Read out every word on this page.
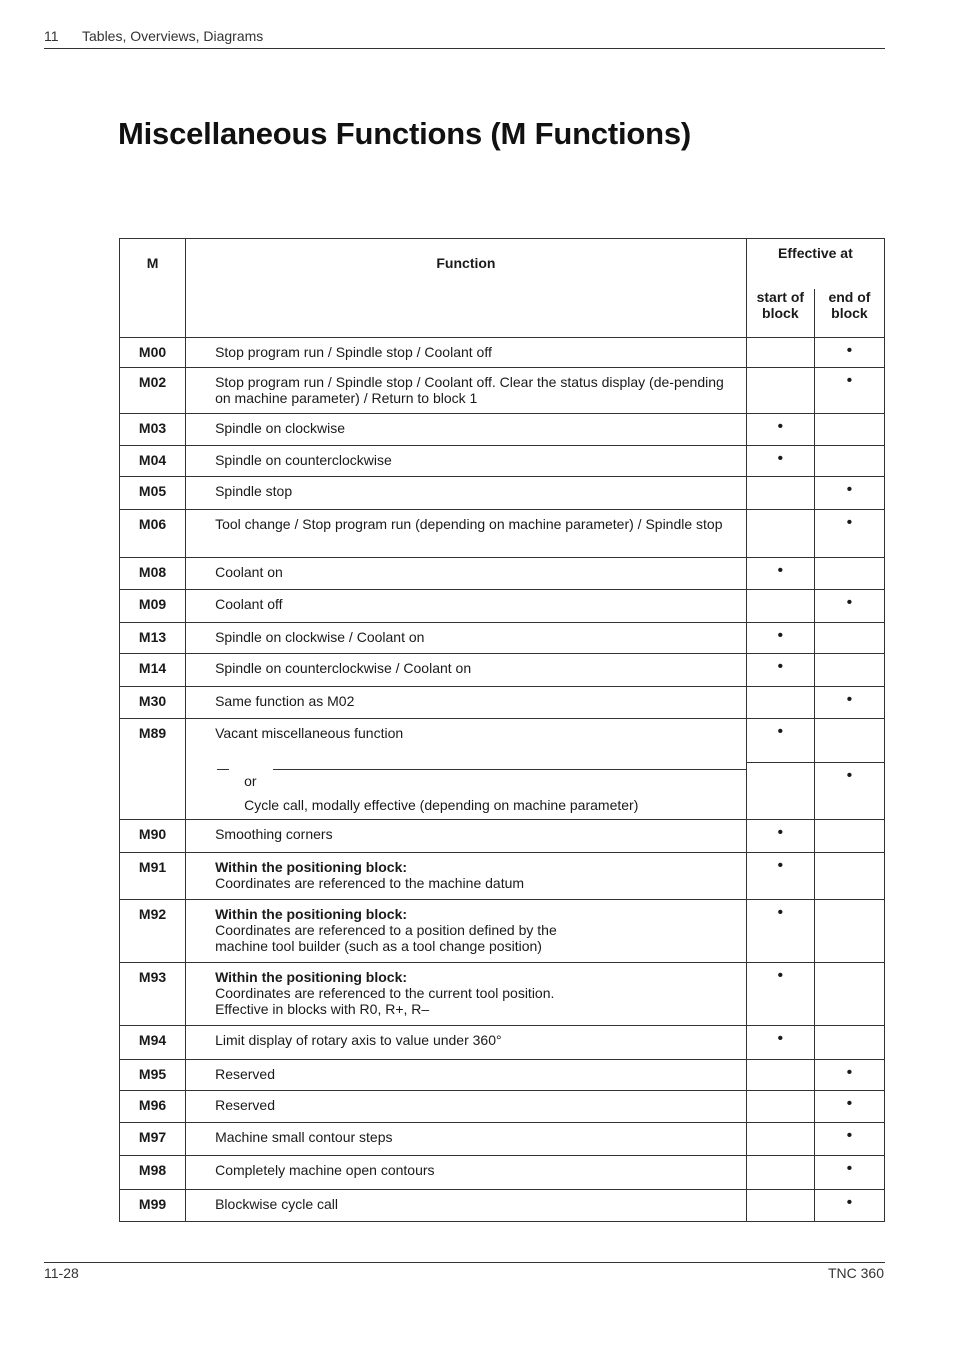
11	Tables, Overviews, Diagrams
Miscellaneous Functions (M Functions)
M	Function	Effective at	
		start of block	end of block
M00	Stop program run / Spindle stop / Coolant off		•
M02	Stop program run / Spindle stop / Coolant off. Clear the status display (de-pending on machine parameter) / Return to block 1		•
M03	Spindle on clockwise	•	
M04	Spindle on counterclockwise	•	
M05	Spindle stop		•
M06	Tool change / Stop program run (depending on machine parameter) / Spindle stop		•
M08	Coolant on	•	
M09	Coolant off		•
M13	Spindle on clockwise / Coolant on	•	
M14	Spindle on counterclockwise / Coolant on	•	
M30	Same function as M02		•
M89	Vacant miscellaneous function	•	

	or
Cycle call, modally effective (depending on machine parameter)		•
M90	Smoothing corners	•	
M91	Within the positioning block:
Coordinates are referenced to the machine datum	•	
M92	Within the positioning block:
Coordinates are referenced to a position defined by the
machine tool builder (such as a tool change position)	•	
M93	Within the positioning block:
Coordinates are referenced to the current tool position.
Effective in blocks with R0, R+, R–	•	
M94	Limit display of rotary axis to value under 360°	•	
M95	Reserved		•
M96	Reserved		•
M97	Machine small contour steps		•
M98	Completely machine open contours		•
M99	Blockwise cycle call		•
11-28	TNC 360
